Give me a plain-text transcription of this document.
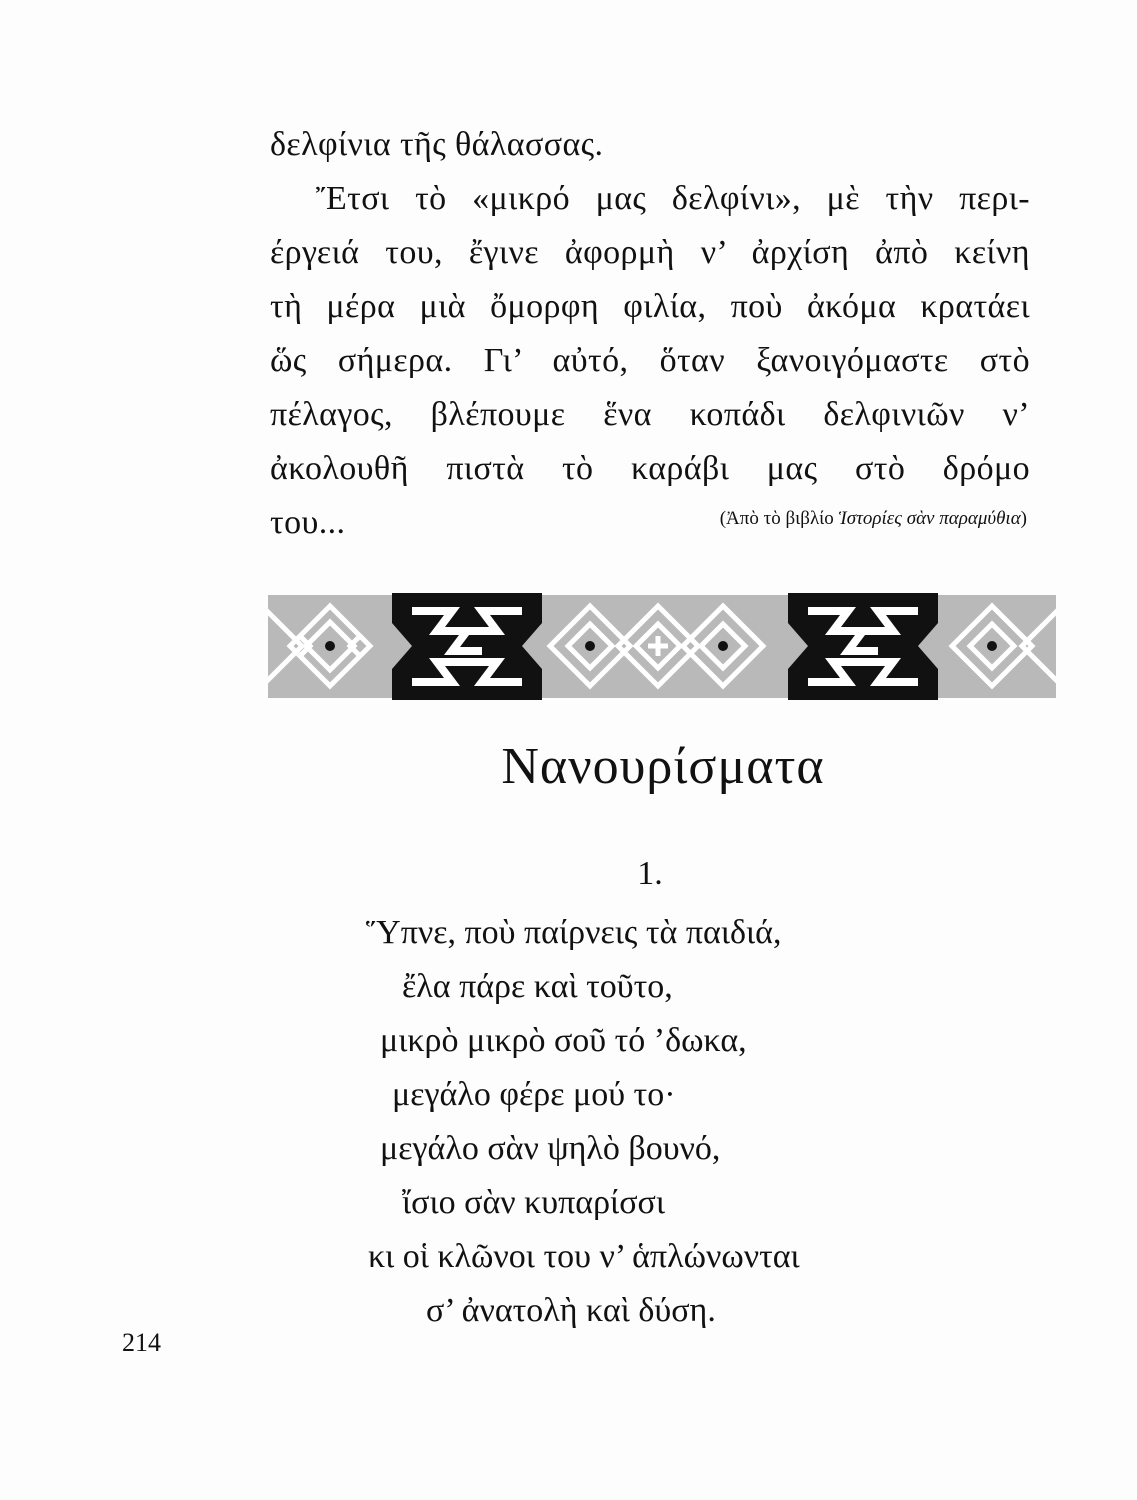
δελφίνια τῆς θάλασσας.
Ἔτσι τὸ «μικρό μας δελφίνι», μὲ τὴν περι-
έργειά του, ἔγινε ἀφορμὴ ν’ ἀρχίση ἀπὸ κείνη
τὴ μέρα μιὰ ὄμορφη φιλία, ποὺ ἀκόμα κρατάει
ὥς σήμερα. Γι’ αὐτό, ὅταν ξανοιγόμαστε στὸ
πέλαγος, βλέπουμε ἕνα κοπάδι δελφινιῶν ν’
ἀκολουθῆ πιστὰ τὸ καράβι μας στὸ δρόμο
του...	(Ἀπὸ τὸ βιβλίο Ἱστορίες σὰν παραμύθια)
Νανουρίσματα
1.
Ὕπνε, ποὺ παίρνεις τὰ παιδιά,
ἔλα πάρε καὶ τοῦτο,
μικρὸ μικρὸ σοῦ τό ’δωκα,
μεγάλο φέρε μού το·
μεγάλο σὰν ψηλὸ βουνό,
ἴσιο σὰν κυπαρίσσι
κι οἱ κλῶνοι του ν’ ἁπλώνωνται
σ’ ἀνατολὴ καὶ δύση.
214
